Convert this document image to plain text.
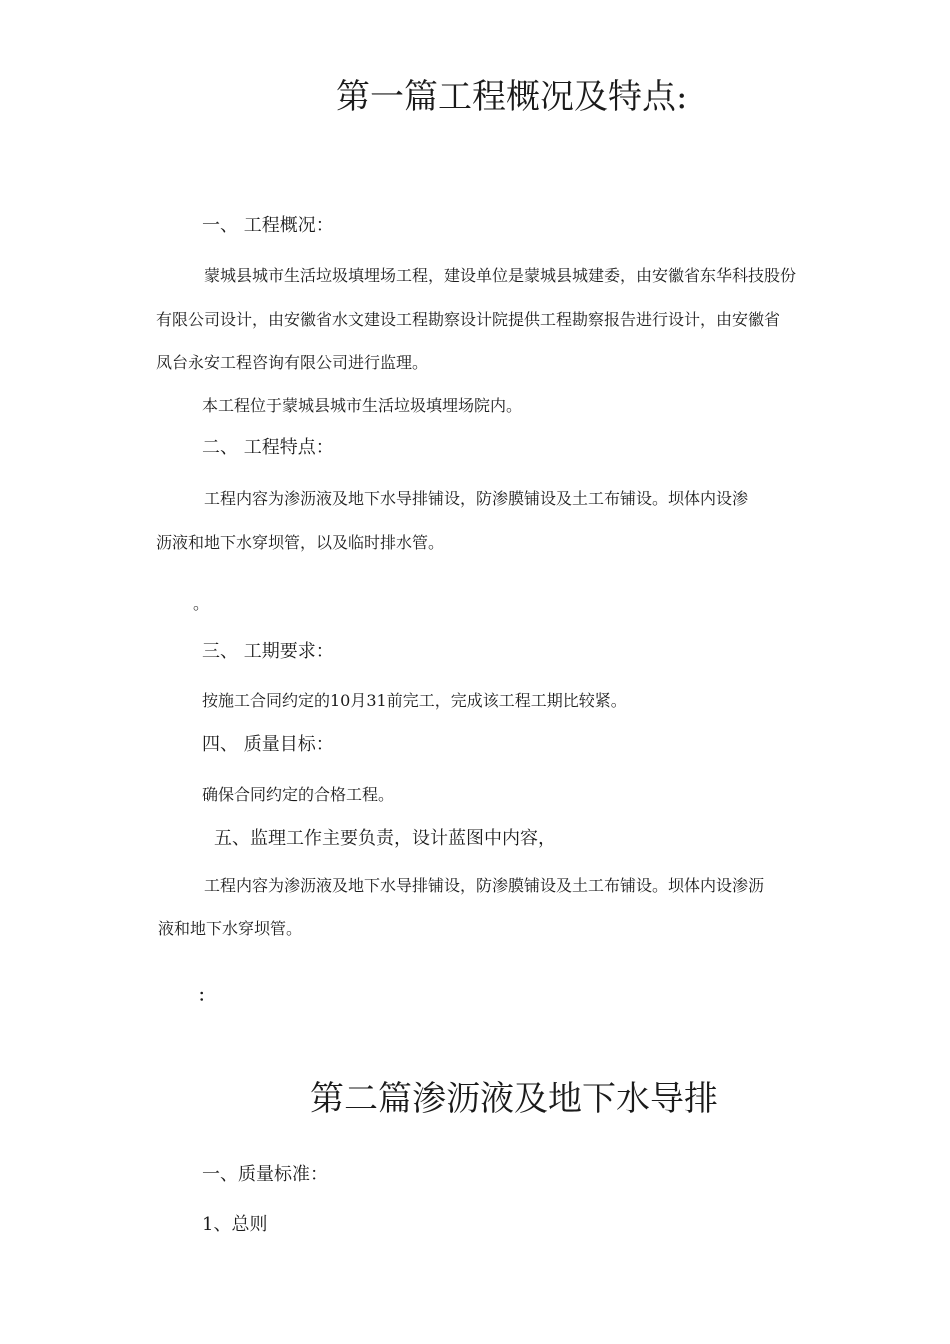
第一篇工程概况及特点:
一、 工程概况：
蒙城县城市生活垃圾填埋场工程，建设单位是蒙城县城建委，由安徽省东华科技股份
有限公司设计，由安徽省水文建设工程勘察设计院提供工程勘察报告进行设计，由安徽省
凤台永安工程咨询有限公司进行监理。
本工程位于蒙城县城市生活垃圾填埋场院内。
二、 工程特点：
工程内容为渗沥液及地下水导排铺设，防渗膜铺设及土工布铺设。坝体内设渗
沥液和地下水穿坝管，以及临时排水管。
。
三、 工期要求：
按施工合同约定的10月31前完工，完成该工程工期比较紧。
四、 质量目标：
确保合同约定的合格工程。
五、监理工作主要负责，设计蓝图中内容，
工程内容为渗沥液及地下水导排铺设，防渗膜铺设及土工布铺设。坝体内设渗沥
液和地下水穿坝管。
：
第二篇渗沥液及地下水导排
一、质量标准：
1、总则
